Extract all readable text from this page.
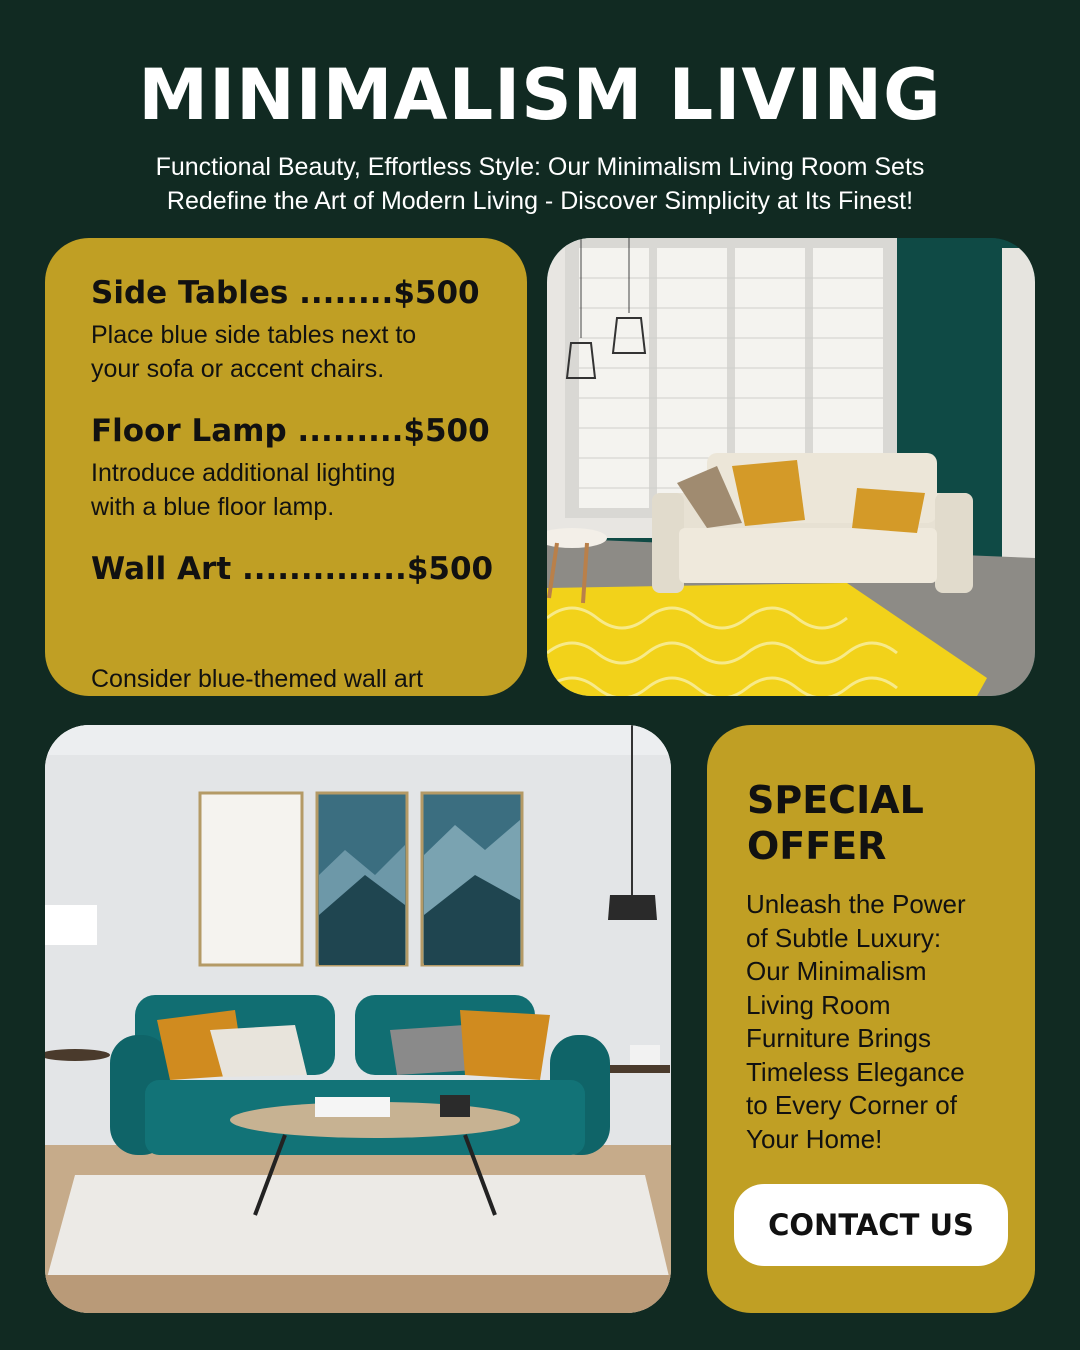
MINIMALISM LIVING
Functional Beauty, Effortless Style: Our Minimalism Living Room Sets
Redefine the Art of Modern Living - Discover Simplicity at Its Finest!
Side Tables ........$500
Place blue side tables next to
your sofa or accent chairs.
Floor Lamp .........$500
Introduce additional lighting
with a blue floor lamp.
Wall Art ..............$500

Consider blue-themed wall art

SPECIAL
OFFER
Unleash the Power
of Subtle Luxury:
Our Minimalism
Living Room
Furniture Brings
Timeless Elegance
to Every Corner of
Your Home!
CONTACT US
